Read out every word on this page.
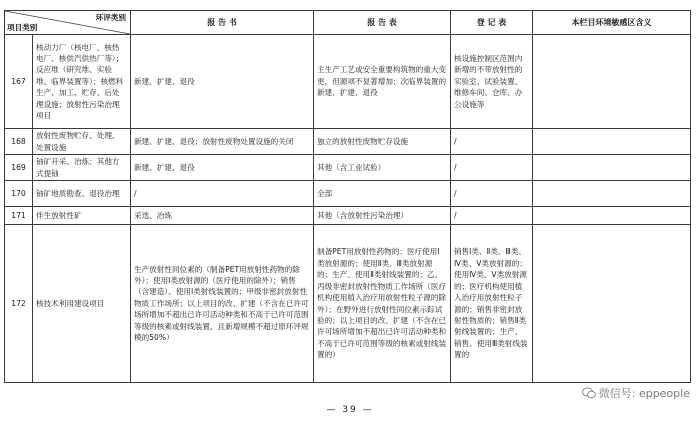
环评类别
项目类别		报 告 书	报 告 表	登 记 表	本栏目环境敏感区含义
167	核动力厂（核电厂、核热电厂、核供汽供热厂等）；反应堆（研究堆、实验堆、临界装置等）；核燃料生产、加工、贮存、后处理设施；放射性污染治理项目	新建、扩建、退役	主生产工艺或安全重要构筑物的重大变更，但源项不显著增加；次临界装置的新建、扩建、退役	核设施控制区范围内新增的不带放射性的实验室、试验装置、维修车间、仓库、办公设施等	
168	放射性废物贮存、处理、处置设施	新建、扩建、退役；放射性废物处置设施的关闭	独立的放射性废物贮存设施	/	
169	铀矿开采、冶炼；其他方式提铀	新建、扩建、退役	其他（含工业试验）	/	
170	铀矿地质勘查、退役治理	/	全部	/	
171	伴生放射性矿	采选、冶炼	其他（含放射性污染治理）	/	
172	核技术利用建设项目	生产放射性同位素的（制备PET用放射性药物的除外）；使用I类放射源的（医疗使用的除外）；销售（含建造）、使用I类射线装置的；甲级非密封放射性物质工作场所；以上项目的改、扩建（不含在已许可场所增加不超出已许可活动种类和不高于已许可范围等级的核素或射线装置，且新增规模不超过原环评规模的50%）	制备PET用放射性药物的；医疗使用Ⅰ类放射源的；使用Ⅱ类、Ⅲ类放射源的；生产、使用Ⅱ类射线装置的；乙、丙级非密封放射性物质工作场所（医疗机构使用植入治疗用放射性粒子源的除外）；在野外进行放射性同位素示踪试验的；以上项目的改、扩建（不含在已许可场所增加不超出已许可活动种类和不高于已许可范围等级的核素或射线装置的）	销售Ⅰ类、Ⅱ类、Ⅲ类、Ⅳ类、Ⅴ类放射源的；使用Ⅳ类、Ⅴ类放射源的；医疗机构使用植入治疗用放射性粒子源的；销售非密封放射性物质的；销售Ⅱ类射线装置的；生产、销售、使用Ⅲ类射线装置的	
微信号: eppeople
— 39 —
